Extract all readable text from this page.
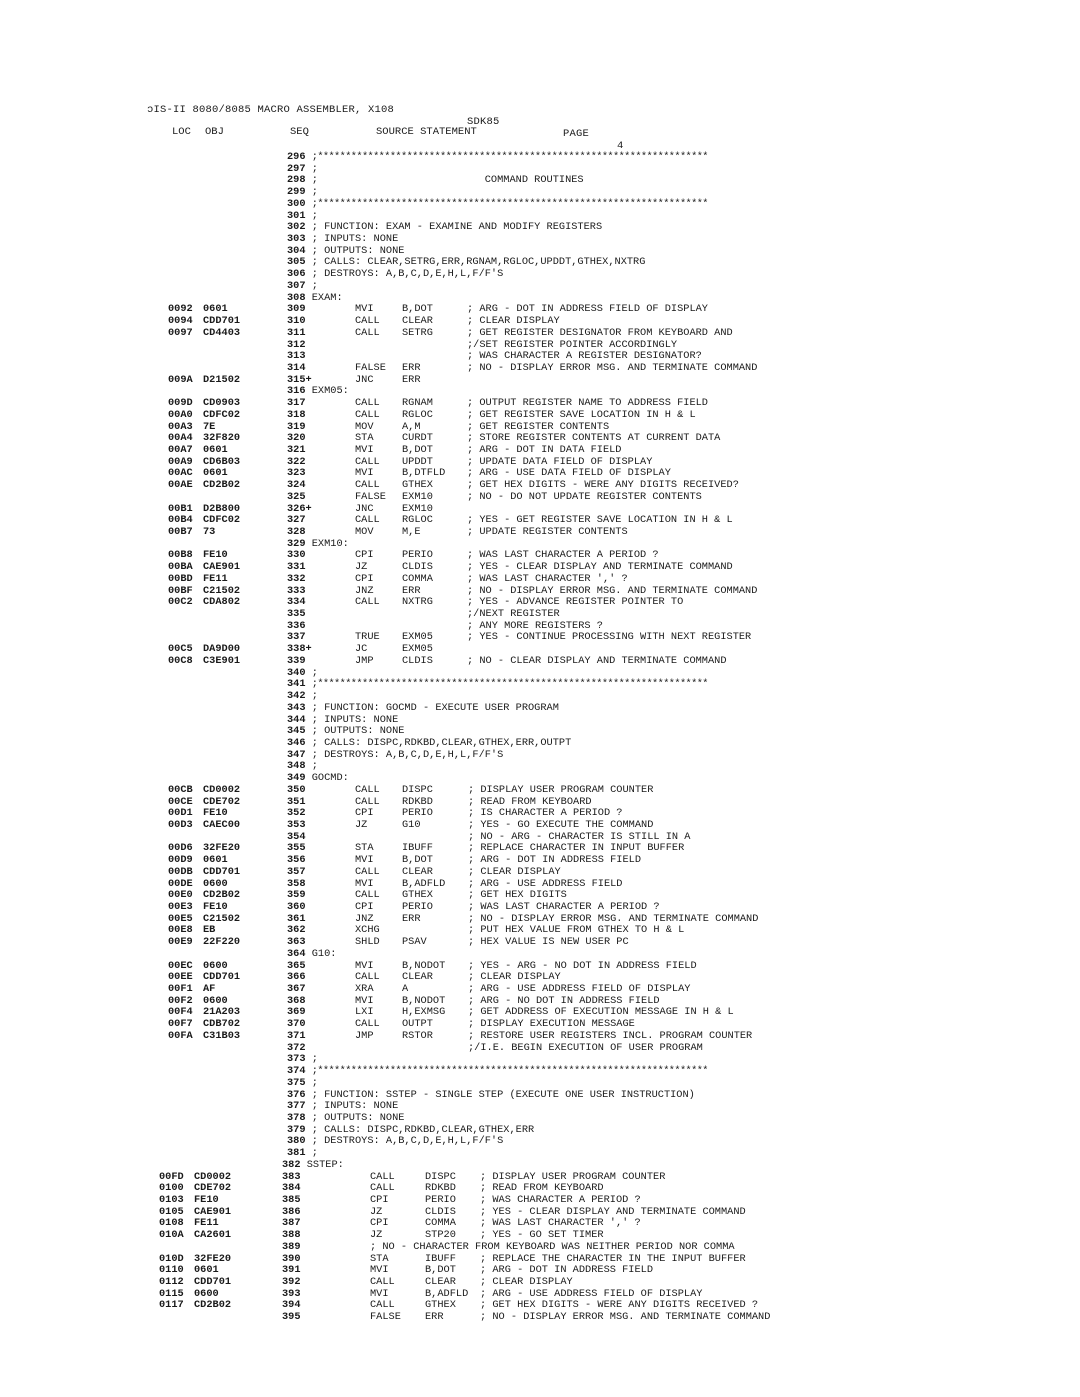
ɔIS-II 8080/8085 MACRO ASSEMBLER, X108

SDK85

PAGE

4

LOC OBJ	SEQ	SOURCE STATEMENT
296 ;**********************************************************************
297 ;
298 ;                           COMMAND ROUTINES
299 ;
300 ;**********************************************************************
301 ;
302 ; FUNCTION: EXAM - EXAMINE AND MODIFY REGISTERS
303 ; INPUTS: NONE
304 ; OUTPUTS: NONE
305 ; CALLS: CLEAR,SETRG,ERR,RGNAM,RGLOC,UPDDT,GTHEX,NXTRG
306 ; DESTROYS: A,B,C,D,E,H,L,F/F'S
307 ;
308 EXAM:
0092 0601	309	MVI	B,DOT	; ARG - DOT IN ADDRESS FIELD OF DISPLAY
0094 CDD701	310	CALL CLEAR	; CLEAR DISPLAY
0097 CD4403	311	CALL SETRG	; GET REGISTER DESIGNATOR FROM KEYBOARD AND
312	;/SET REGISTER POINTER ACCORDINGLY
313	; WAS CHARACTER A REGISTER DESIGNATOR?
314	FALSE ERR	; NO - DISPLAY ERROR MSG. AND TERMINATE COMMAND
009A D21502	315+	JNC	ERR
316 EXM05:
009D CD0903	317	CALL RGNAM	; OUTPUT REGISTER NAME TO ADDRESS FIELD
00A0 CDFC02	318	CALL RGLOC	; GET REGISTER SAVE LOCATION IN H & L
00A3 7E	319	MOV	A,M	; GET REGISTER CONTENTS
00A4 32F820	320	STA	CURDT	; STORE REGISTER CONTENTS AT CURRENT DATA
00A7 0601	321	MVI	B,DOT	; ARG - DOT IN DATA FIELD
00A9 CD6B03	322	CALL UPDDT	; UPDATE DATA FIELD OF DISPLAY
00AC 0601	323	MVI	B,DTFLD ; ARG - USE DATA FIELD OF DISPLAY
00AE CD2B02	324	CALL GTHEX	; GET HEX DIGITS - WERE ANY DIGITS RECEIVED?
325	FALSE EXM10	; NO - DO NOT UPDATE REGISTER CONTENTS
00B1 D2B800	326+	JNC	EXM10
00B4 CDFC02	327	CALL RGLOC	; YES - GET REGISTER SAVE LOCATION IN H & L
00B7 73	328	MOV	M,E	; UPDATE REGISTER CONTENTS
329 EXM10:
00B8 FE10	330	CPI	PERIO	; WAS LAST CHARACTER A PERIOD ?
00BA CAE901	331	JZ	CLDIS	; YES - CLEAR DISPLAY AND TERMINATE COMMAND
00BD FE11	332	CPI	COMMA	; WAS LAST CHARACTER ',' ?
00BF C21502	333	JNZ	ERR	; NO - DISPLAY ERROR MSG. AND TERMINATE COMMAND
00C2 CDA802	334	CALL NXTRG	; YES - ADVANCE REGISTER POINTER TO
335	;/NEXT REGISTER
336	; ANY MORE REGISTERS ?
337	TRUE EXM05	; YES - CONTINUE PROCESSING WITH NEXT REGISTER
00C5 DA9D00	338+	JC	EXM05
00C8 C3E901	339	JMP	CLDIS	; NO - CLEAR DISPLAY AND TERMINATE COMMAND
340 ;
341 ;**********************************************************************
342 ;
343 ; FUNCTION: GOCMD - EXECUTE USER PROGRAM
344 ; INPUTS: NONE
345 ; OUTPUTS: NONE
346 ; CALLS: DISPC,RDKBD,CLEAR,GTHEX,ERR,OUTPT
347 ; DESTROYS: A,B,C,D,E,H,L,F/F'S
348 ;
349 GOCMD:
00CB CD0002	350	CALL DISPC	; DISPLAY USER PROGRAM COUNTER
00CE CDE702	351	CALL RDKBD	; READ FROM KEYBOARD
00D1 FE10	352	CPI	PERIO	; IS CHARACTER A PERIOD ?
00D3 CAEC00	353	JZ	G10	; YES - GO EXECUTE THE COMMAND
354	; NO - ARG - CHARACTER IS STILL IN A
00D6 32FE20	355	STA	IBUFF	; REPLACE CHARACTER IN INPUT BUFFER
00D9 0601	356	MVI	B,DOT	; ARG - DOT IN ADDRESS FIELD
00DB CDD701	357	CALL CLEAR	; CLEAR DISPLAY
00DE 0600	358	MVI	B,ADFLD ; ARG - USE ADDRESS FIELD
00E0 CD2B02	359	CALL GTHEX	; GET HEX DIGITS
00E3 FE10	360	CPI	PERIO	; WAS LAST CHARACTER A PERIOD ?
00E5 C21502	361	JNZ	ERR	; NO - DISPLAY ERROR MSG. AND TERMINATE COMMAND
00E8 EB	362	XCHG	; PUT HEX VALUE FROM GTHEX TO H & L
00E9 22F220	363	SHLD PSAV	; HEX VALUE IS NEW USER PC
364 G10:
00EC 0600	365	MVI	B,NODOT ; YES - ARG - NO DOT IN ADDRESS FIELD
00EE CDD701	366	CALL CLEAR	; CLEAR DISPLAY
00F1 AF	367	XRA	A	; ARG - USE ADDRESS FIELD OF DISPLAY
00F2 0600	368	MVI	B,NODOT ; ARG - NO DOT IN ADDRESS FIELD
00F4 21A203	369	LXI	H,EXMSG ; GET ADDRESS OF EXECUTION MESSAGE IN H & L
00F7 CDB702	370	CALL OUTPT	; DISPLAY EXECUTION MESSAGE
00FA C31B03	371	JMP	RSTOR	; RESTORE USER REGISTERS INCL. PROGRAM COUNTER
372	;/I.E. BEGIN EXECUTION OF USER PROGRAM
373 ;
374 ;**********************************************************************
375 ;
376 ; FUNCTION: SSTEP - SINGLE STEP (EXECUTE ONE USER INSTRUCTION)
377 ; INPUTS: NONE
378 ; OUTPUTS: NONE
379 ; CALLS: DISPC,RDKBD,CLEAR,GTHEX,ERR
380 ; DESTROYS: A,B,C,D,E,H,L,F/F'S
381 ;
382 SSTEP:
00FD CD0002	383	CALL	DISPC ; DISPLAY USER PROGRAM COUNTER
0100 CDE702	384	CALL	RDKBD ; READ FROM KEYBOARD
0103 FE10	385	CPI	PERIO ; WAS CHARACTER A PERIOD ?
0105 CAE901	386	JZ	CLDIS ; YES - CLEAR DISPLAY AND TERMINATE COMMAND
0108 FE11	387	CPI	COMMA ; WAS LAST CHARACTER ',' ?
010A CA2601	388	JZ	STP20 ; YES - GO SET TIMER
389	; NO - CHARACTER FROM KEYBOARD WAS NEITHER PERIOD NOR COMMA
010D 32FE20	390	STA	IBUFF ; REPLACE THE CHARACTER IN THE INPUT BUFFER
0110 0601	391	MVI	B,DOT ; ARG - DOT IN ADDRESS FIELD
0112 CDD701	392	CALL	CLEAR ; CLEAR DISPLAY
0115 0600	393	MVI	B,ADFLD ; ARG - USE ADDRESS FIELD OF DISPLAY
0117 CD2B02	394	CALL	GTHEX ; GET HEX DIGITS - WERE ANY DIGITS RECEIVED ?
395	FALSE ERR	; NO - DISPLAY ERROR MSG. AND TERMINATE COMMAND
